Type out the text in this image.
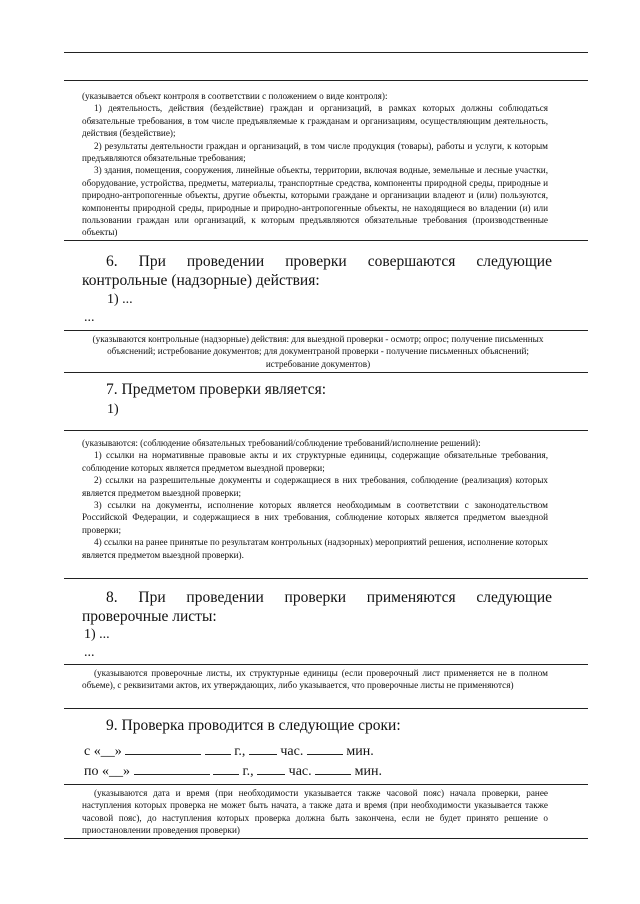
(указывается объект контроля в соответствии с положением о виде контроля):

1) деятельность, действия (бездействие) граждан и организаций, в рамках которых должны соблюдаться обязательные требования, в том числе предъявляемые к гражданам и организациям, осуществляющим деятельность, действия (бездействие);

2) результаты деятельности граждан и организаций, в том числе продукция (товары), работы и услуги, к которым предъявляются обязательные требования;

3) здания, помещения, сооружения, линейные объекты, территории, включая водные, земельные и лесные участки, оборудование, устройства, предметы, материалы, транспортные средства, компоненты природной среды, природные и природно-антропогенные объекты, другие объекты, которыми граждане и организации владеют и (или) пользуются, компоненты природной среды, природные и природно-антропогенные объекты, не находящиеся во владении (и) или пользовании граждан или организаций, к которым предъявляются обязательные требования (производственные объекты)

6. При проведении проверки совершаются следующие контрольные (надзорные) действия:
1) ...
...
(указываются контрольные (надзорные) действия: для выездной проверки - осмотр; опрос; получение письменных объяснений; истребование документов; для документраной проверки - получение письменных объяснений; истребование документов)
7. Предметом проверки является:
1)

(указываются: (соблюдение обязательных требований/соблюдение требований/исполнение решений):

1) ссылки на нормативные правовые акты и их структурные единицы, содержащие обязательные требования, соблюдение которых является предметом выездной проверки;

2) ссылки на разрешительные документы и содержащиеся в них требования, соблюдение (реализация) которых является предметом выездной проверки;

3) ссылки на документы, исполнение которых является необходимым в соответствии с законодательством Российской Федерации, и содержащиеся в них требования, соблюдение которых является предметом выездной проверки;

4) ссылки на ранее принятые по результатам контрольных (надзорных) мероприятий решения, исполнение которых является предметом выездной проверки).

8. При проведении проверки применяются следующие проверочные листы:
1) ...
...
(указываются проверочные листы, их структурные единицы (если проверочный лист применяется не в полном объеме), с реквизитами актов, их утверждающих, либо указывается, что проверочные листы не применяются)
9. Проверка проводится в следующие сроки:
с «__»	г.,	час.	мин.
по «__»	г.,	час.	мин.
(указываются дата и время (при необходимости указывается также часовой пояс) начала проверки, ранее наступления которых проверка не может быть начата, а также дата и время (при необходимости указывается также часовой пояс), до наступления которых проверка должна быть закончена, если не будет принято решение о приостановлении проведения проверки)
